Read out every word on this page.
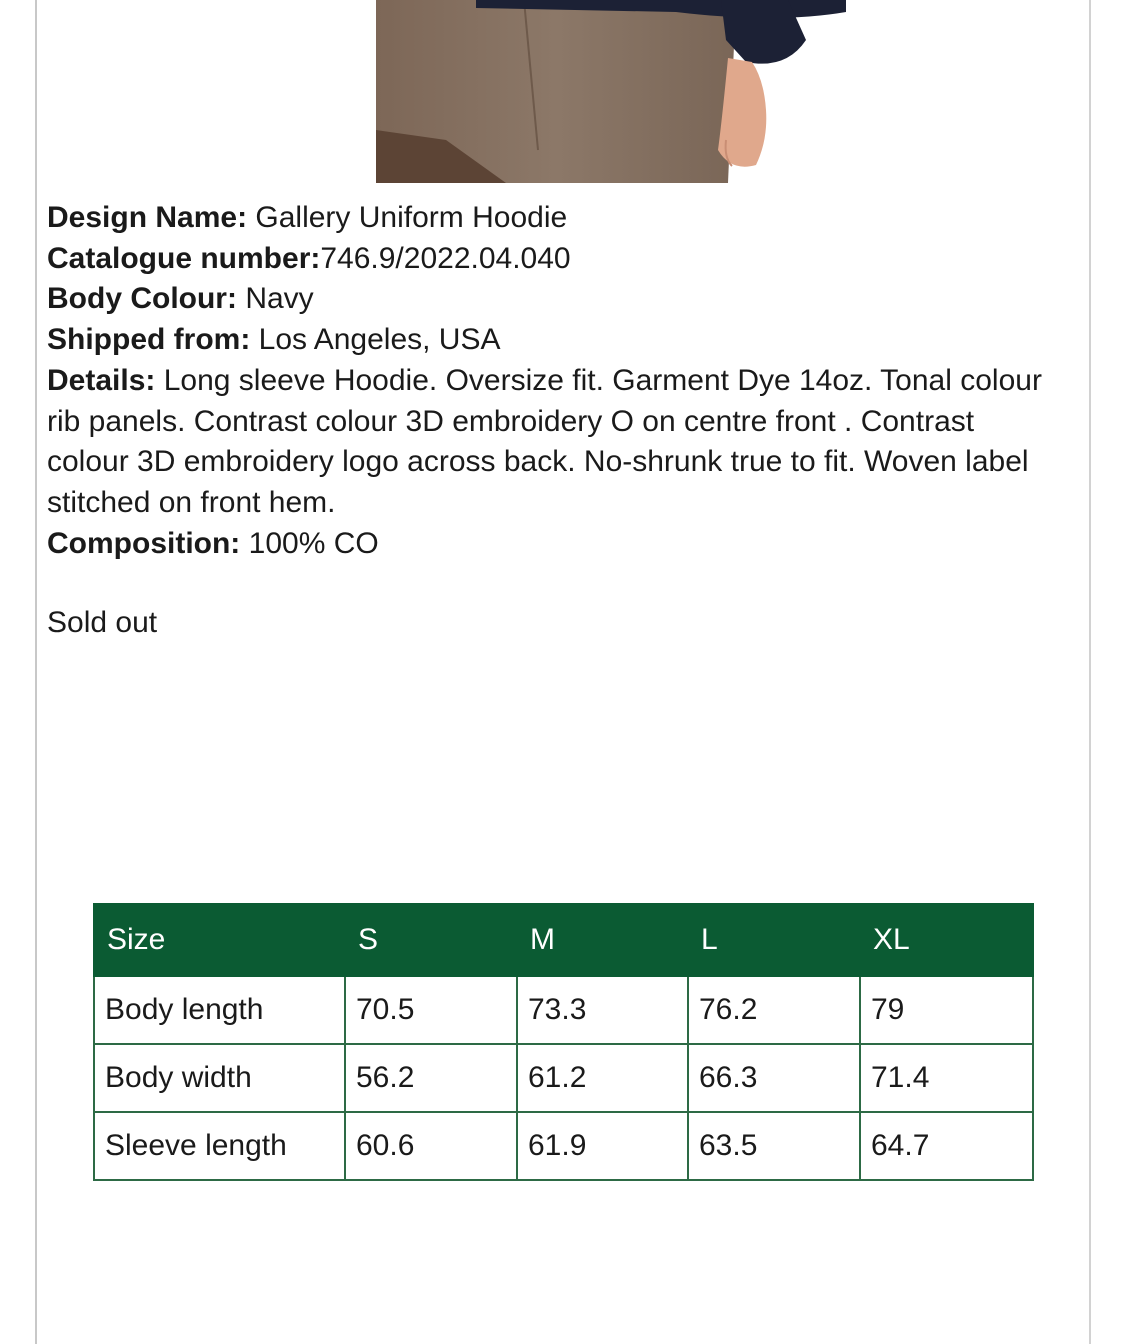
Design Name: Gallery Uniform Hoodie

Catalogue number:746.9/2022.04.040

Body Colour: Navy

Shipped from: Los Angeles, USA

Details: Long sleeve Hoodie. Oversize fit. Garment Dye 14oz. Tonal colour rib panels. Contrast colour 3D embroidery O on centre front . Contrast colour 3D embroidery logo across back. No-shrunk true to fit. Woven label stitched on front hem.

Composition: 100% CO

Sold out
Size	S	M	L	XL
Body length	70.5	73.3	76.2	79
Body width	56.2	61.2	66.3	71.4
Sleeve length	60.6	61.9	63.5	64.7
